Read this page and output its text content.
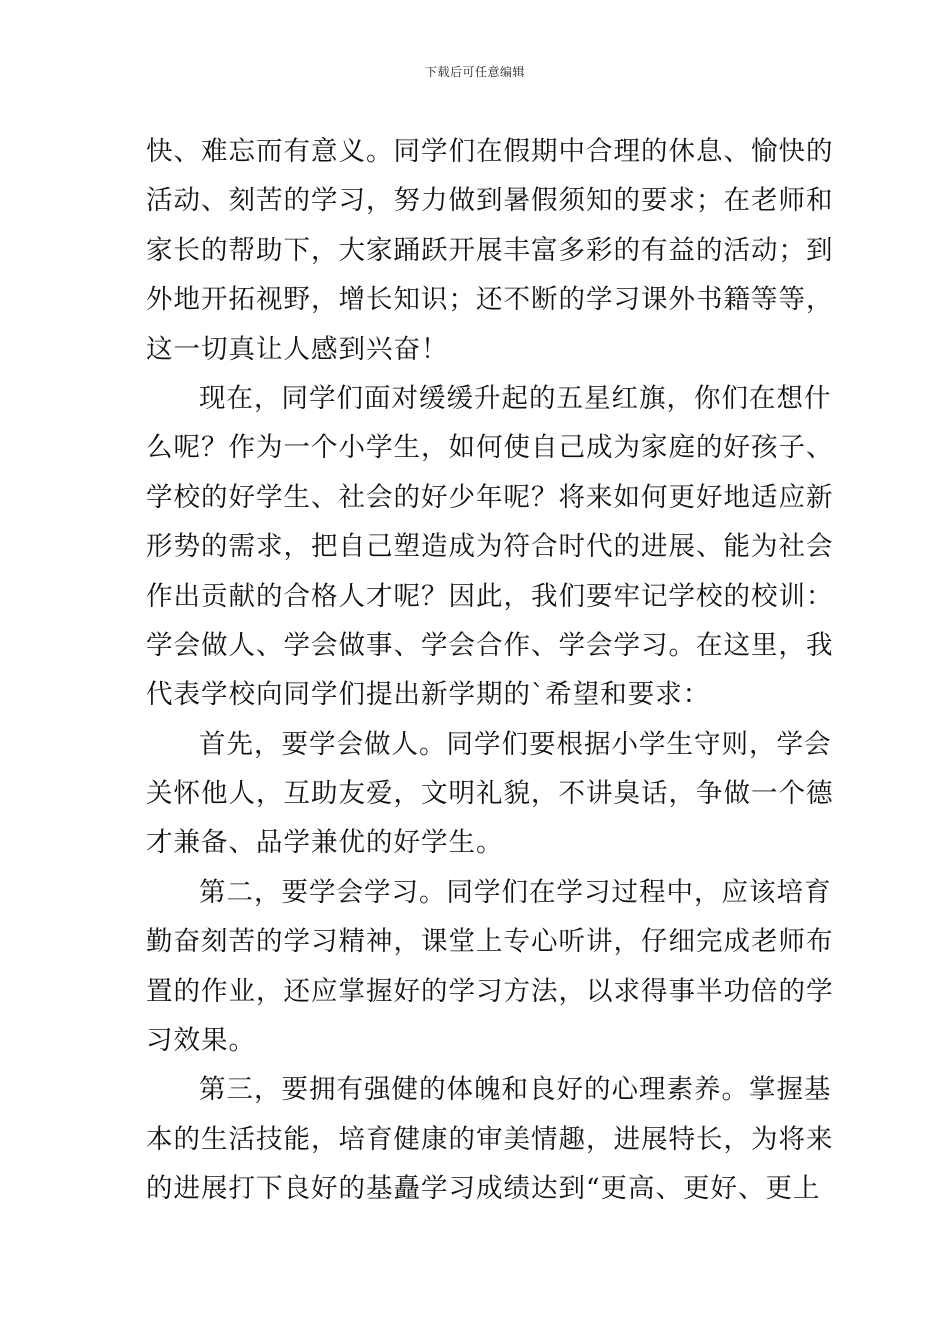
下载后可任意编辑
快、难忘而有意义。同学们在假期中合理的休息、愉快的
活动、刻苦的学习，努力做到暑假须知的要求；在老师和
家长的帮助下，大家踊跃开展丰富多彩的有益的活动；到
外地开拓视野，增长知识；还不断的学习课外书籍等等，
这一切真让人感到兴奋！
现在，同学们面对缓缓升起的五星红旗，你们在想什
么呢？作为一个小学生，如何使自己成为家庭的好孩子、
学校的好学生、社会的好少年呢？将来如何更好地适应新
形势的需求，把自己塑造成为符合时代的进展、能为社会
作出贡献的合格人才呢？因此，我们要牢记学校的校训：
学会做人、学会做事、学会合作、学会学习。在这里，我
代表学校向同学们提出新学期的`希望和要求：
首先，要学会做人。同学们要根据小学生守则，学会
关怀他人，互助友爱，文明礼貌，不讲臭话，争做一个德
才兼备、品学兼优的好学生。
第二，要学会学习。同学们在学习过程中，应该培育
勤奋刻苦的学习精神，课堂上专心听讲，仔细完成老师布
置的作业，还应掌握好的学习方法，以求得事半功倍的学
习效果。
第三，要拥有强健的体魄和良好的心理素养。掌握基
本的生活技能，培育健康的审美情趣，进展特长，为将来
的进展打下良好的基矗学习成绩达到“更高、更好、更上
